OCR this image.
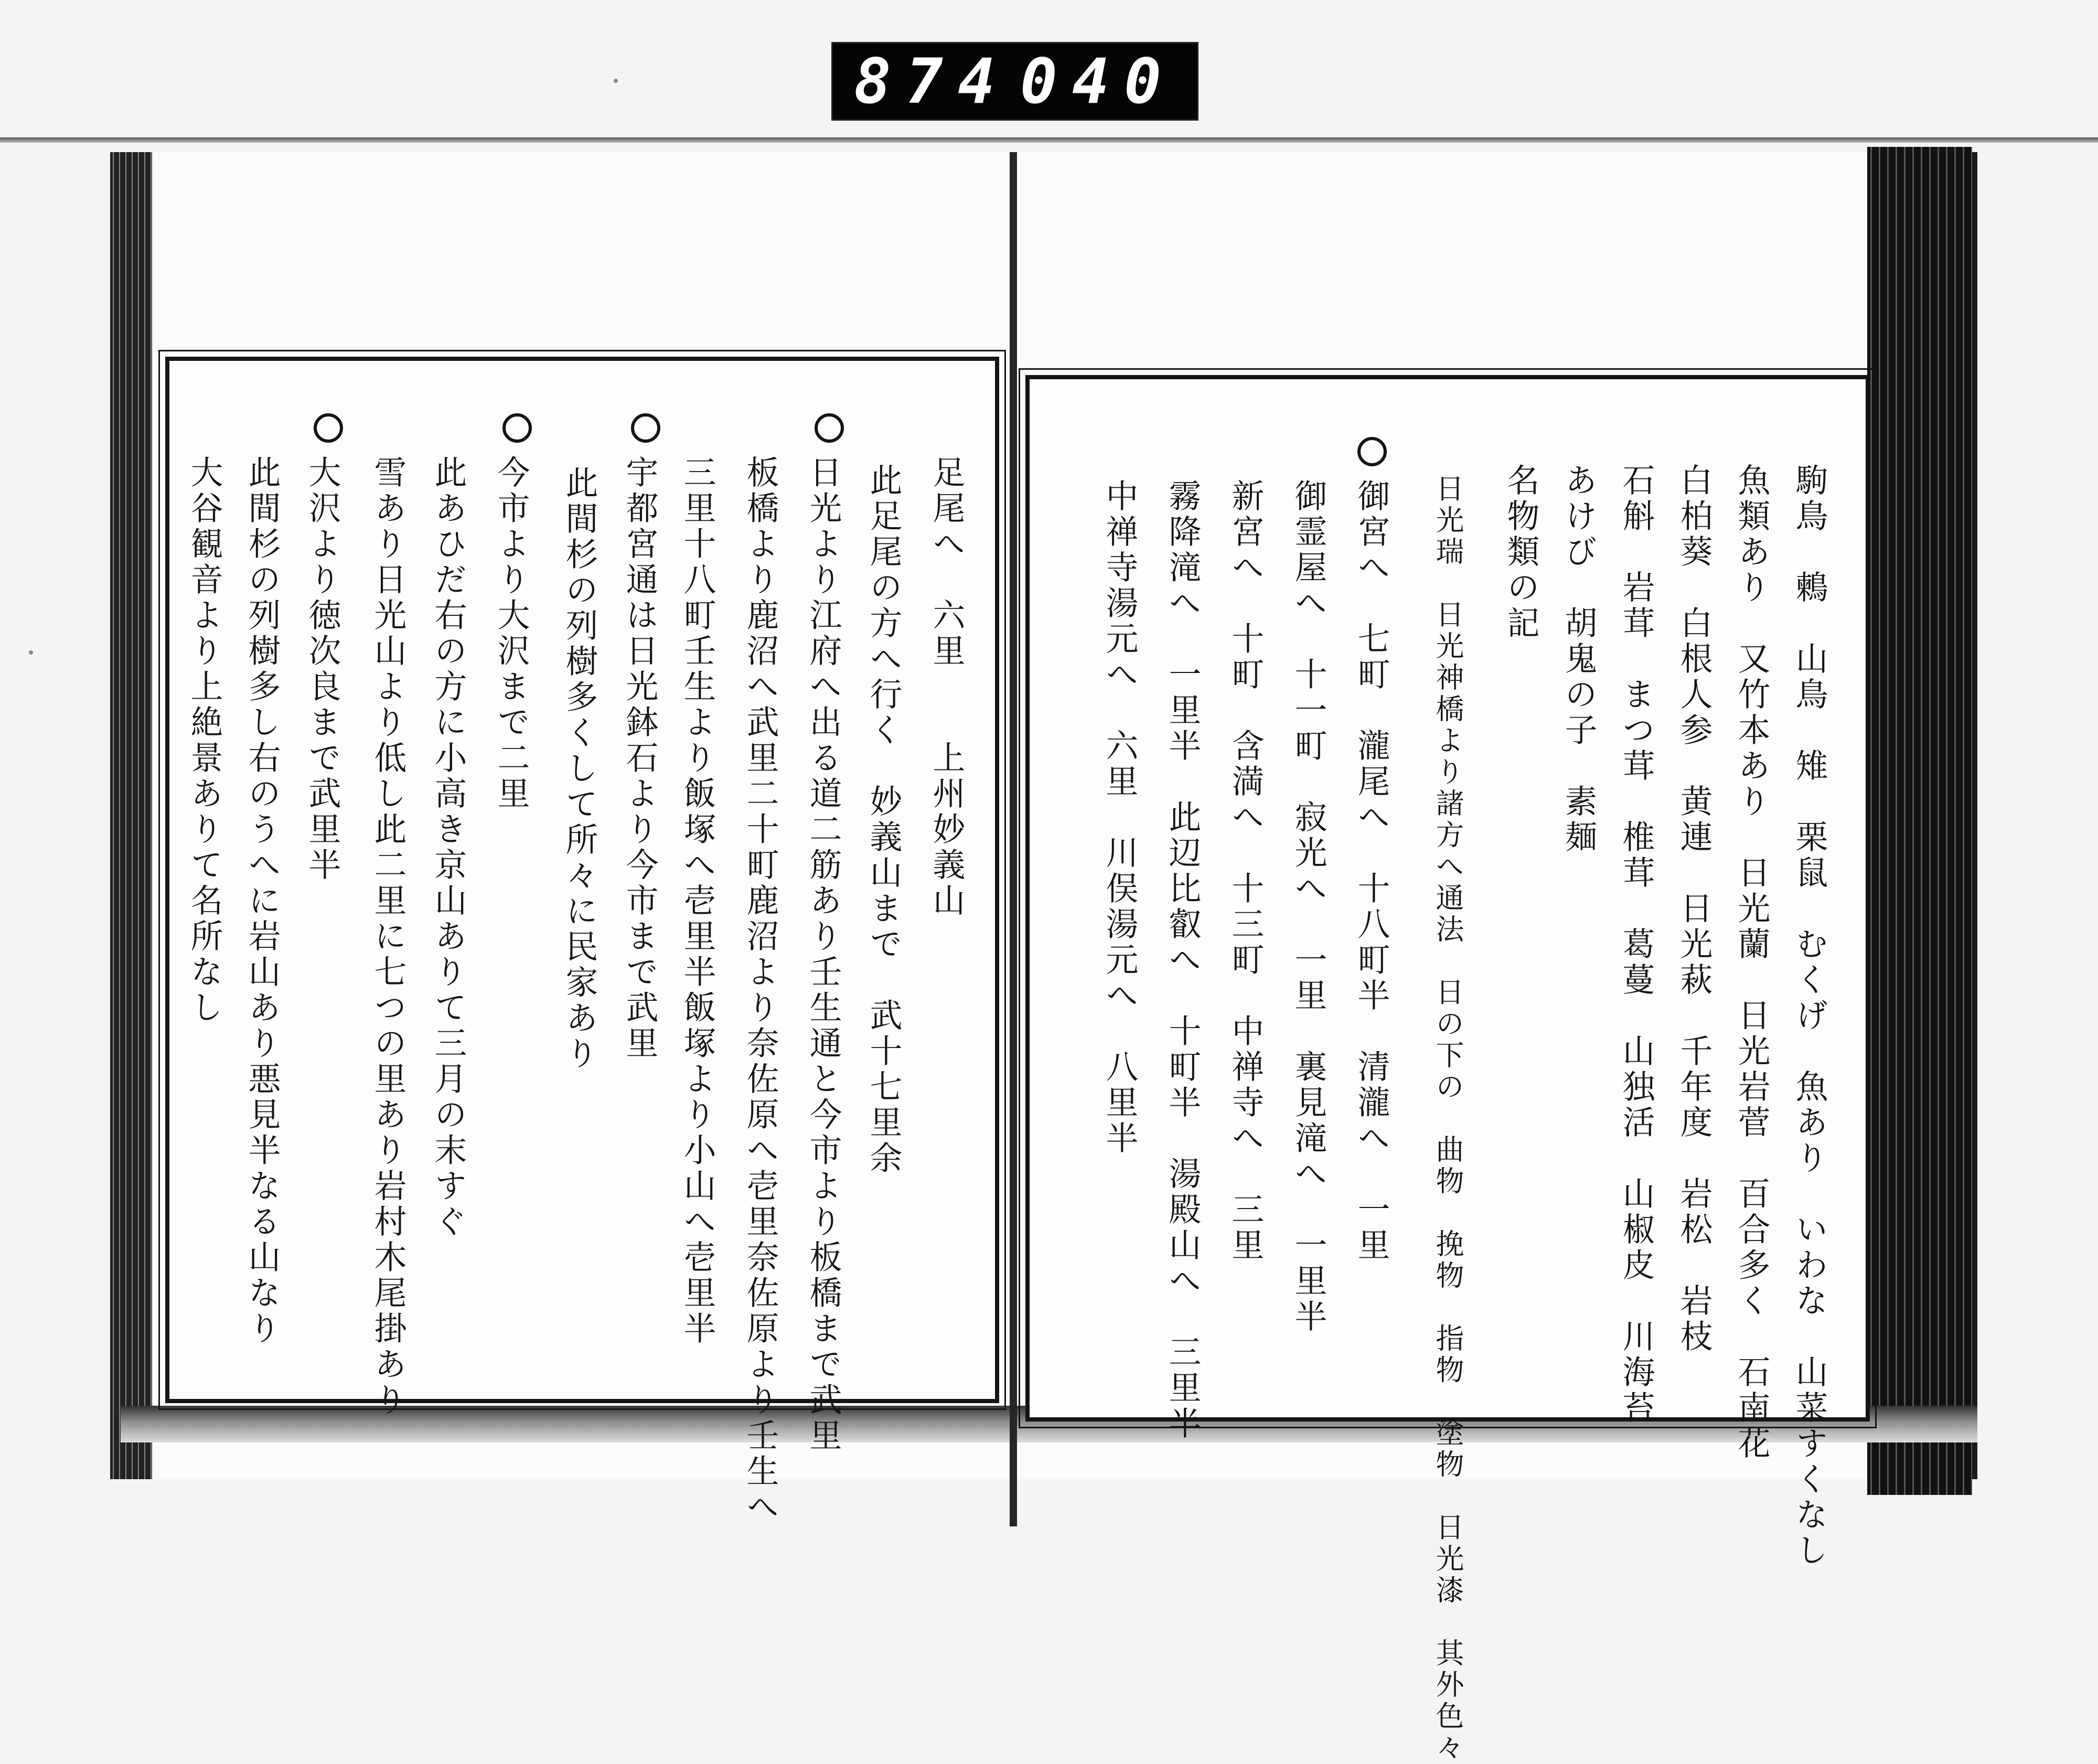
874 040
足尾へ　六里　　上州妙義山
此足尾の方へ行く　妙義山まで　武十七里余
日光より江府へ出る道二筋あり壬生通と今市より板橋まで武里
板橋より鹿沼へ武里二十町鹿沼より奈佐原へ壱里奈佐原より壬生へ
三里十八町壬生より飯塚へ壱里半飯塚より小山へ壱里半
宇都宮通は日光鉢石より今市まで武里
此間杉の列樹多くして所々に民家あり
今市より大沢まで二里
此あひだ右の方に小高き京山ありて三月の末すぐ
雪あり日光山より低し此二里に七つの里あり岩村木尾掛あり
大沢より徳次良まで武里半
此間杉の列樹多し右のうへに岩山あり悪見半なる山なり
大谷観音より上絶景ありて名所なし	駒鳥　鶫　山鳥　雉　栗鼠　むくげ　魚あり　いわな　山菜すくなし
魚類あり　又竹本あり　日光蘭　日光岩菅　百合多く　石南花
白柏葵　白根人参　黄連　日光萩　千年度　岩松　岩枝
石斛　岩茸　まつ茸　椎茸　葛蔓　山独活　山椒皮　川海苔
あけび　胡鬼の子　素麺
名物類の記
日光瑞　日光神橋より諸方へ通法　日の下の　曲物　挽物　指物　塗物　日光漆　其外色々
御宮へ　七町　瀧尾へ　十八町半　清瀧へ　一里
御霊屋へ　十一町　寂光へ　一里　裏見滝へ　一里半
新宮へ　十町　含満へ　十三町　中禅寺へ　三里
霧降滝へ　一里半　此辺比叡へ　十町半　湯殿山へ　三里半
中禅寺湯元へ　六里　川俣湯元へ　八里半
